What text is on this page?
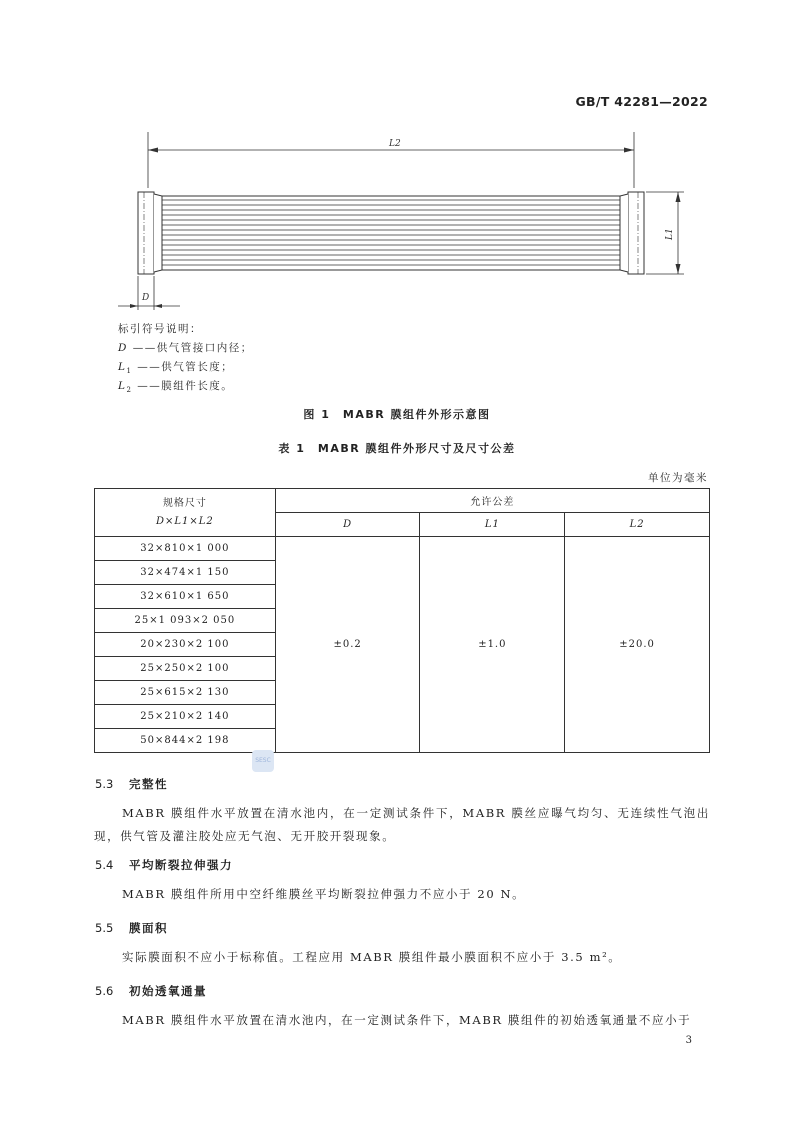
GB/T 42281—2022
L2
L1
D
标引符号说明：
D ——供气管接口内径；
$L_1$ ——供气管长度；
$L_2$ ——膜组件长度。
图 1　MABR 膜组件外形示意图
表 1　MABR 膜组件外形尺寸及尺寸公差
单位为毫米
规格尺寸
D×L1×L2	允许公差		
	D	L1	L2
32×810×1 000	±0.2	±1.0	±20.0
32×474×1 150			
32×610×1 650			
25×1 093×2 050			
20×230×2 100			
25×250×2 100			
25×615×2 130			
25×210×2 140			
50×844×2 198			
SESC
5.3 完整性
MABR 膜组件水平放置在清水池内，在一定测试条件下，MABR 膜丝应曝气均匀、无连续性气泡出现，供气管及灌注胶处应无气泡、无开胶开裂现象。
5.4 平均断裂拉伸强力
MABR 膜组件所用中空纤维膜丝平均断裂拉伸强力不应小于 20 N。
5.5 膜面积
实际膜面积不应小于标称值。工程应用 MABR 膜组件最小膜面积不应小于 3.5 m²。
5.6 初始透氧通量
MABR 膜组件水平放置在清水池内，在一定测试条件下，MABR 膜组件的初始透氧通量不应小于
3
